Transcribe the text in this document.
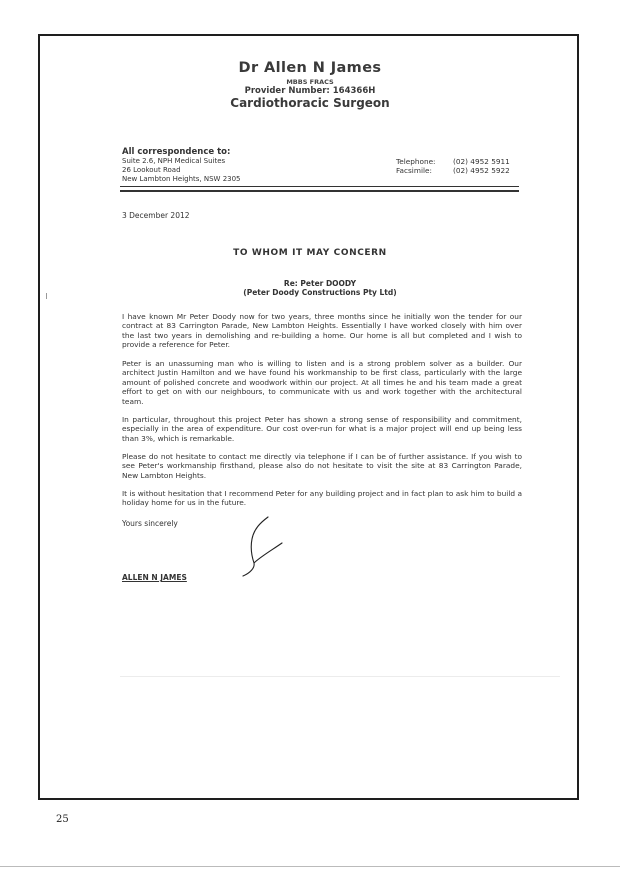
Dr Allen N James
MBBS FRACS
Provider Number: 164366H
Cardiothoracic Surgeon
All correspondence to:
Suite 2.6, NPH Medical Suites
26 Lookout Road
New Lambton Heights, NSW 2305
Telephone: (02) 4952 5911
Facsimile:	(02) 4952 5922
3 December 2012
TO WHOM IT MAY CONCERN
Re: Peter DOODY
(Peter Doody Constructions Pty Ltd)
I have known Mr Peter Doody now for two years, three months since he initially won the tender for our contract at 83 Carrington Parade, New Lambton Heights. Essentially I have worked closely with him over the last two years in demolishing and re-building a home. Our home is all but completed and I wish to provide a reference for Peter.
Peter is an unassuming man who is willing to listen and is a strong problem solver as a builder. Our architect Justin Hamilton and we have found his workmanship to be first class, particularly with the large amount of polished concrete and woodwork within our project. At all times he and his team made a great effort to get on with our neighbours, to communicate with us and work together with the architectural team.
In particular, throughout this project Peter has shown a strong sense of responsibility and commitment, especially in the area of expenditure. Our cost over-run for what is a major project will end up being less than 3%, which is remarkable.
Please do not hesitate to contact me directly via telephone if I can be of further assistance. If you wish to see Peter's workmanship firsthand, please also do not hesitate to visit the site at 83 Carrington Parade, New Lambton Heights.
It is without hesitation that I recommend Peter for any building project and in fact plan to ask him to build a holiday home for us in the future.
Yours sincerely
ALLEN N JAMES
25
